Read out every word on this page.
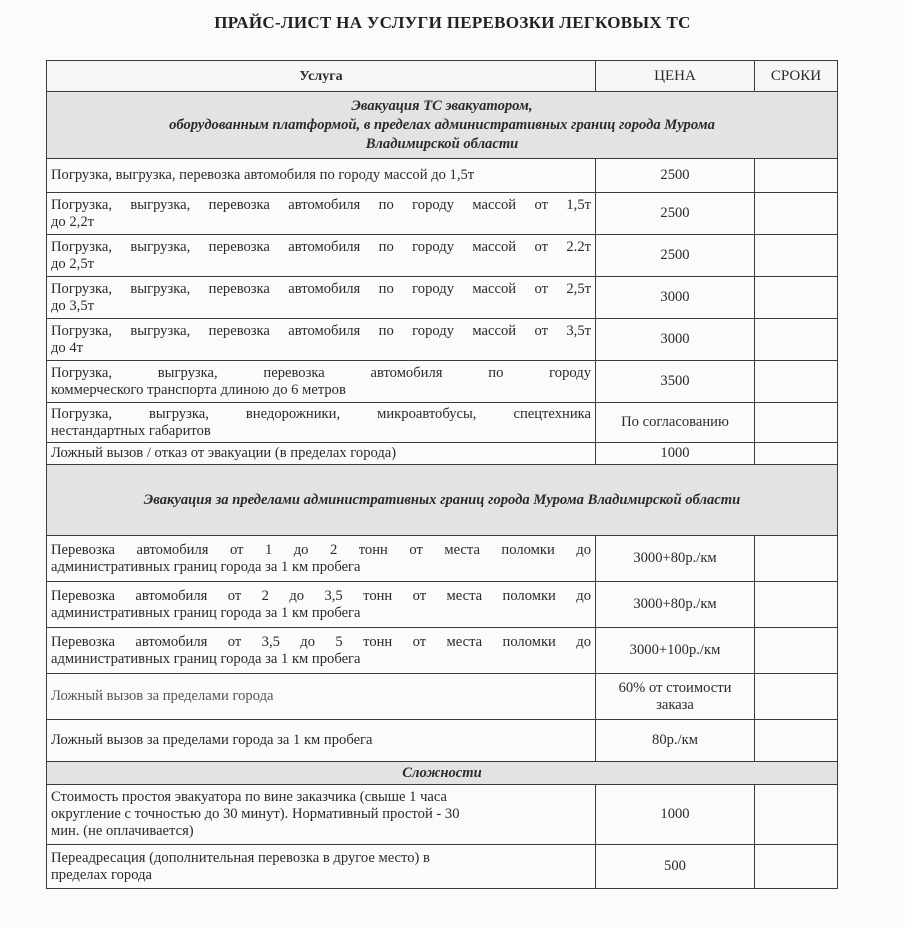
ПРАЙС-ЛИСТ НА УСЛУГИ ПЕРЕВОЗКИ ЛЕГКОВЫХ ТС
Услуга	ЦЕНА	СРОКИ

Эвакуация ТС эвакуатором,
оборудованным платформой, в пределах административных границ города Мурома
Владимирской области		

Погрузка, выгрузка, перевозка автомобиля по городу массой до 1,5т	2500	

Погрузка, выгрузка, перевозка автомобиля по городу массой от 1,5т
до 2,2т	2500	

Погрузка, выгрузка, перевозка автомобиля по городу массой от 2.2т
до 2,5т	2500	

Погрузка, выгрузка, перевозка автомобиля по городу массой от 2,5т
до 3,5т	3000	

Погрузка, выгрузка, перевозка автомобиля по городу массой от 3,5т
до 4т	3000	

Погрузка, выгрузка, перевозка автомобиля по городу
коммерческого транспорта длиною до 6 метров	3500	

Погрузка, выгрузка, внедорожники, микроавтобусы, спецтехника
нестандартных габаритов	По согласованию	

Ложный вызов / отказ от эвакуации (в пределах города)	1000	

Эвакуация за пределами административных границ города Мурома Владимирской области		

Перевозка автомобиля от 1 до 2 тонн от места поломки до
административных границ города за 1 км пробега	3000+80р./км	

Перевозка автомобиля от 2 до 3,5 тонн от места поломки до
административных границ города за 1 км пробега	3000+80р./км	

Перевозка автомобиля от 3,5 до 5 тонн от места поломки до
административных границ города за 1 км пробега	3000+100р./км	

Ложный вызов за пределами города	60% от стоимости
заказа	

Ложный вызов за пределами города за 1 км пробега	80р./км	
Сложности		

Стоимость простоя эвакуатора по вине заказчика (свыше 1 часа
округление с точностью до 30 минут). Нормативный простой - 30
мин. (не оплачивается)	1000	

Переадресация (дополнительная перевозка в другое место) в
пределах города	500	
